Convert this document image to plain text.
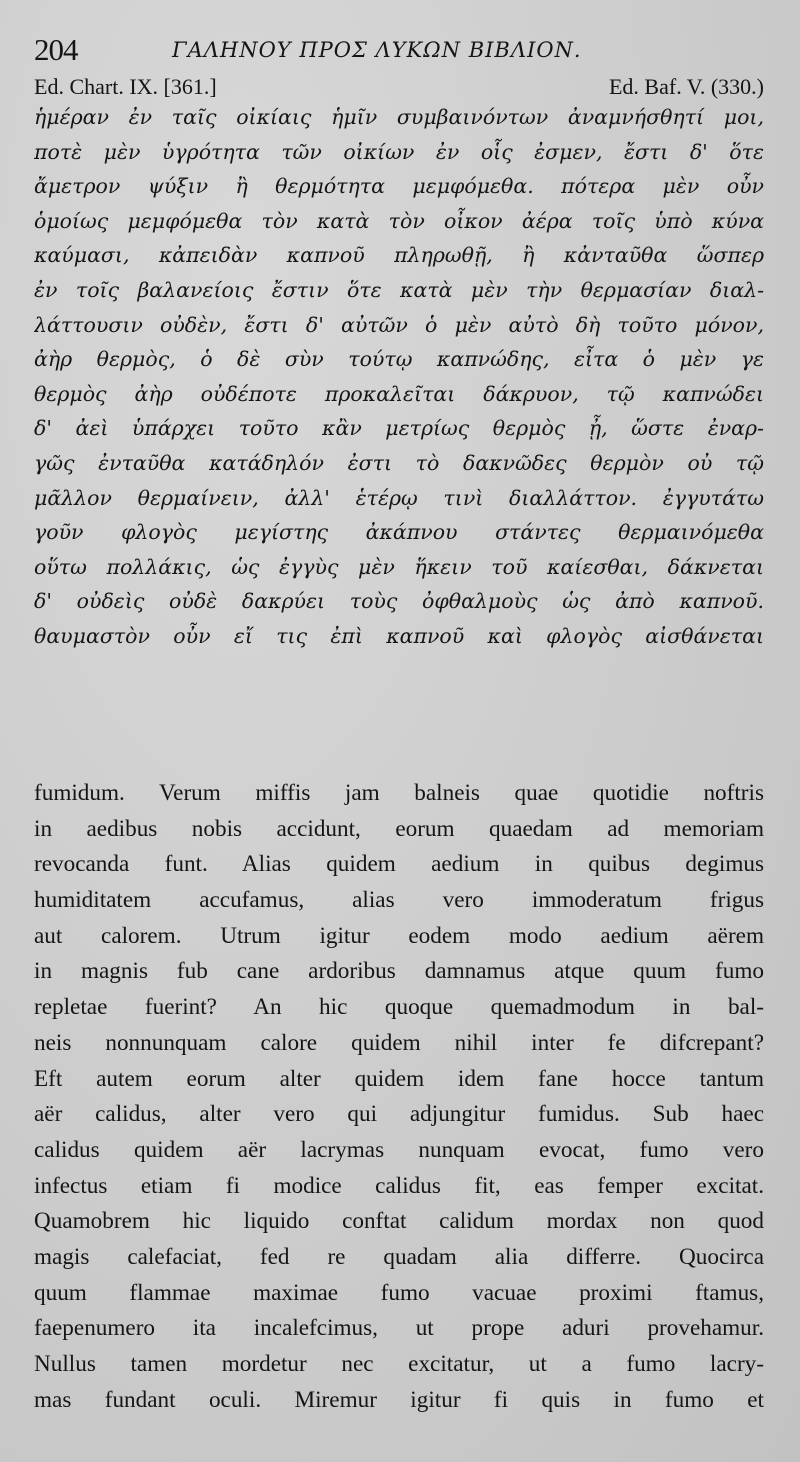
204	ΓΑΛΗΝΟΥ ΠΡΟΣ ΛΥΚΩΝ ΒΙΒΛΙΟΝ.
Ed. Chart. IX. [361.]	Ed. Baf. V. (330.)
ἡμέραν ἐν ταῖς οἰκίαις ἡμῖν συμβαινόντων ἀναμνήσθητί μοι,
ποτὲ μὲν ὑγρότητα τῶν οἰκίων ἐν οἷς ἐσμεν, ἔστι δ' ὅτε
ἄμετρον ψύξιν ἢ θερμότητα μεμφόμεθα. πότερα μὲν οὖν
ὁμοίως μεμφόμεθα τὸν κατὰ τὸν οἶκον ἀέρα τοῖς ὑπὸ κύνα
καύμασι, κἀπειδὰν καπνοῦ πληρωθῇ, ἢ κἀνταῦθα ὥσπερ
ἐν τοῖς βαλανείοις ἔστιν ὅτε κατὰ μὲν τὴν θερμασίαν διαλ-
λάττουσιν οὐδὲν, ἔστι δ' αὐτῶν ὁ μὲν αὐτὸ δὴ τοῦτο μόνον,
ἀὴρ θερμὸς, ὁ δὲ σὺν τούτῳ καπνώδης, εἶτα ὁ μὲν γε
θερμὸς ἀὴρ οὐδέποτε προκαλεῖται δάκρυον, τῷ καπνώδει
δ' ἀεὶ ὑπάρχει τοῦτο κἂν μετρίως θερμὸς ᾖ, ὥστε ἐναρ-
γῶς ἐνταῦθα κατάδηλόν ἐστι τὸ δακνῶδες θερμὸν οὐ τῷ
μᾶλλον θερμαίνειν, ἀλλ' ἑτέρῳ τινὶ διαλλάττον. ἐγγυτάτω
γοῦν φλογὸς μεγίστης ἀκάπνου στάντες θερμαινόμεθα
οὕτω πολλάκις, ὡς ἐγγὺς μὲν ἥκειν τοῦ καίεσθαι, δάκνεται
δ' οὐδεὶς οὐδὲ δακρύει τοὺς ὀφθαλμοὺς ὡς ἀπὸ καπνοῦ.
θαυμαστὸν οὖν εἴ τις ἐπὶ καπνοῦ καὶ φλογὸς αἰσθάνεται
fumidum. Verum miffis jam balneis quae quotidie noftris
in aedibus nobis accidunt, eorum quaedam ad memoriam
revocanda funt. Alias quidem aedium in quibus degimus
humiditatem accufamus, alias vero immoderatum frigus
aut calorem. Utrum igitur eodem modo aedium aërem
in magnis fub cane ardoribus damnamus atque quum fumo
repletae fuerint? An hic quoque quemadmodum in bal-
neis nonnunquam calore quidem nihil inter fe difcrepant?
Eft autem eorum alter quidem idem fane hocce tantum
aër calidus, alter vero qui adjungitur fumidus. Sub haec
calidus quidem aër lacrymas nunquam evocat, fumo vero
infectus etiam fi modice calidus fit, eas femper excitat.
Quamobrem hic liquido conftat calidum mordax non quod
magis calefaciat, fed re quadam alia differre. Quocirca
quum flammae maximae fumo vacuae proximi ftamus,
faepenumero ita incalefcimus, ut prope aduri provehamur.
Nullus tamen mordetur nec excitatur, ut a fumo lacry-
mas fundant oculi. Miremur igitur fi quis in fumo et
